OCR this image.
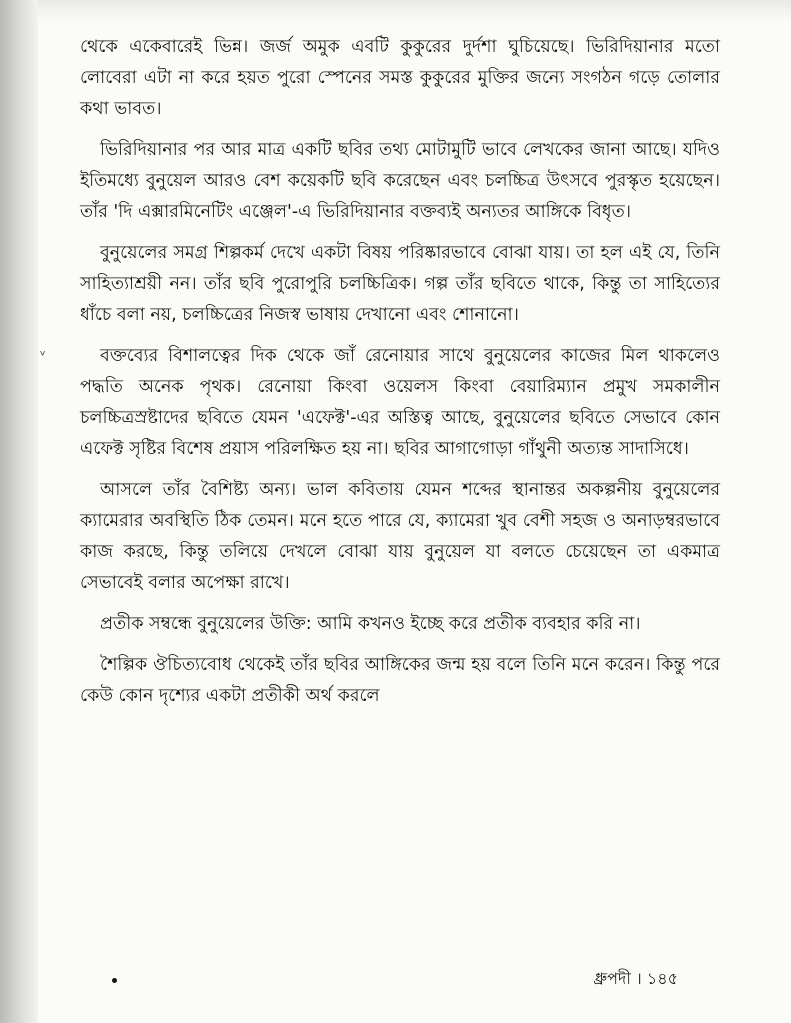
ᵛ

থেকে একেবারেই ভিন্ন। জর্জ অমুক এবটি কুকুরের দুর্দশা ঘুচিয়েছে। ভিরিদিয়ানার মতো লোবেরা এটা না করে হয়ত পুরো স্পেনের সমস্ত কুকুরের মুক্তির জন্যে সংগঠন গড়ে তোলার কথা ভাবত।

ভিরিদিয়ানার পর আর মাত্র একটি ছবির তথ্য মোটামুটি ভাবে লেখকের জানা আছে। যদিও ইতিমধ্যে বুনুয়েল আরও বেশ কয়েকটি ছবি করেছেন এবং চলচ্চিত্র উৎসবে পুরস্কৃত হয়েছেন। তাঁর 'দি এক্সারমিনেটিং এঞ্জেল'-এ ভিরিদিয়ানার বক্তব্যই অন্যতর আঙ্গিকে বিধৃত।

বুনুয়েলের সমগ্র শিল্পকর্ম দেখে একটা বিষয় পরিষ্কারভাবে বোঝা যায়। তা হল এই যে, তিনি সাহিত্যাশ্রয়ী নন। তাঁর ছবি পুরোপুরি চলচ্চিত্রিক। গল্প তাঁর ছবিতে থাকে, কিন্তু তা সাহিত্যের ধাঁচে বলা নয়, চলচ্চিত্রের নিজস্ব ভাষায় দেখানো এবং শোনানো।

বক্তব্যের বিশালত্বের দিক থেকে জাঁ রেনোয়ার সাথে বুনুয়েলের কাজের মিল থাকলেও পদ্ধতি অনেক পৃথক। রেনোয়া কিংবা ওয়েলস কিংবা বেয়ারিম্যান প্রমুখ সমকালীন চলচ্চিত্রস্রষ্টাদের ছবিতে যেমন 'এফেক্ট'-এর অস্তিত্ব আছে, বুনুয়েলের ছবিতে সেভাবে কোন এফেক্ট সৃষ্টির বিশেষ প্রয়াস পরিলক্ষিত হয় না। ছবির আগাগোড়া গাঁথুনী অত্যন্ত সাদাসিধে।

আসলে তাঁর বৈশিষ্ট্য অন্য। ভাল কবিতায় যেমন শব্দের স্থানান্তর অকল্পনীয় বুনুয়েলের ক্যামেরার অবস্থিতি ঠিক তেমন। মনে হতে পারে যে, ক্যামেরা খুব বেশী সহজ ও অনাড়ম্বরভাবে কাজ করছে, কিন্তু তলিয়ে দেখলে বোঝা যায় বুনুয়েল যা বলতে চেয়েছেন তা একমাত্র সেভাবেই বলার অপেক্ষা রাখে।

প্রতীক সম্বন্ধে বুনুয়েলের উক্তি: আমি কখনও ইচ্ছে করে প্রতীক ব্যবহার করি না।

শৈল্পিক ঔচিত্যবোধ থেকেই তাঁর ছবির আঙ্গিকের জন্ম হয় বলে তিনি মনে করেন। কিন্তু পরে কেউ কোন দৃশ্যের একটা প্রতীকী অর্থ করলে

ধ্রুপদী । ১৪৫
